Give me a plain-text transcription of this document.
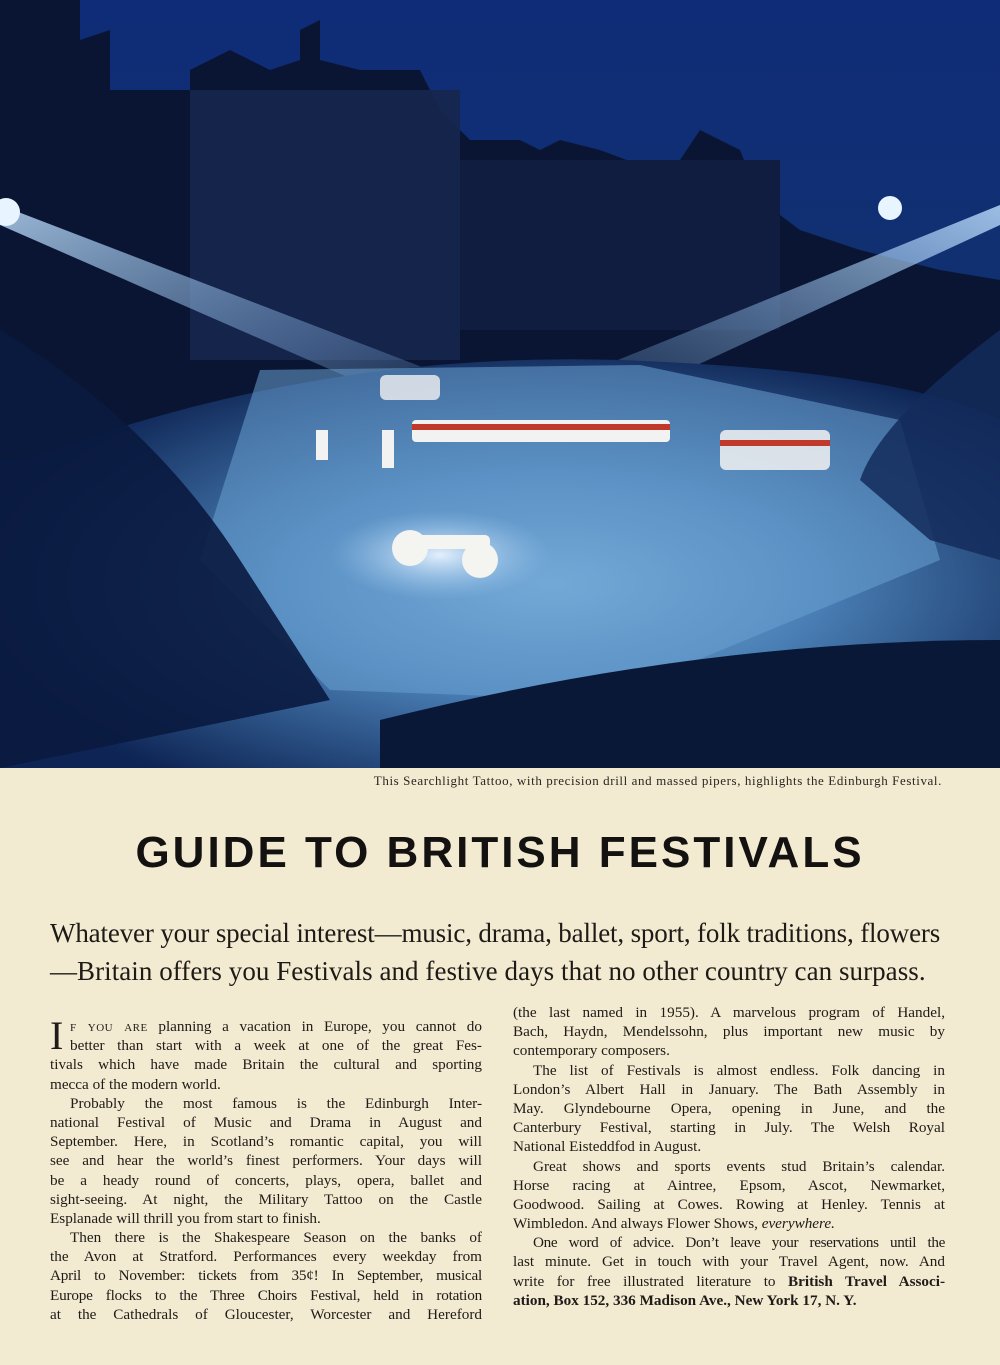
This Searchlight Tattoo, with precision drill and massed pipers, highlights the Edinburgh Festival.
GUIDE TO BRITISH FESTIVALS
Whatever your special interest—music, drama, ballet, sport, folk traditions, flowers
—Britain offers you Festivals and festive days that no other country can surpass.
I f you are planning a vacation in Europe, you cannot do
better than start with a week at one of the great Fes-
tivals which have made Britain the cultural and sporting
mecca of the modern world.
Probably the most famous is the Edinburgh Inter-
national Festival of Music and Drama in August and
September. Here, in Scotland’s romantic capital, you will
see and hear the world’s finest performers. Your days will
be a heady round of concerts, plays, opera, ballet and
sight-seeing. At night, the Military Tattoo on the Castle
Esplanade will thrill you from start to finish.
Then there is the Shakespeare Season on the banks of
the Avon at Stratford. Performances every weekday from
April to November: tickets from 35¢! In September, musical
Europe flocks to the Three Choirs Festival, held in rotation
at the Cathedrals of Gloucester, Worcester and Hereford
(the last named in 1955). A marvelous program of Handel,
Bach, Haydn, Mendelssohn, plus important new music by
contemporary composers.
The list of Festivals is almost endless. Folk dancing in
London’s Albert Hall in January. The Bath Assembly in
May. Glyndebourne Opera, opening in June, and the
Canterbury Festival, starting in July. The Welsh Royal
National Eisteddfod in August.
Great shows and sports events stud Britain’s calendar.
Horse racing at Aintree, Epsom, Ascot, Newmarket,
Goodwood. Sailing at Cowes. Rowing at Henley. Tennis at
Wimbledon. And always Flower Shows, everywhere.
One word of advice. Don’t leave your reservations until the
last minute. Get in touch with your Travel Agent, now. And
write for free illustrated literature to British Travel Associ-
ation, Box 152, 336 Madison Ave., New York 17, N. Y.
